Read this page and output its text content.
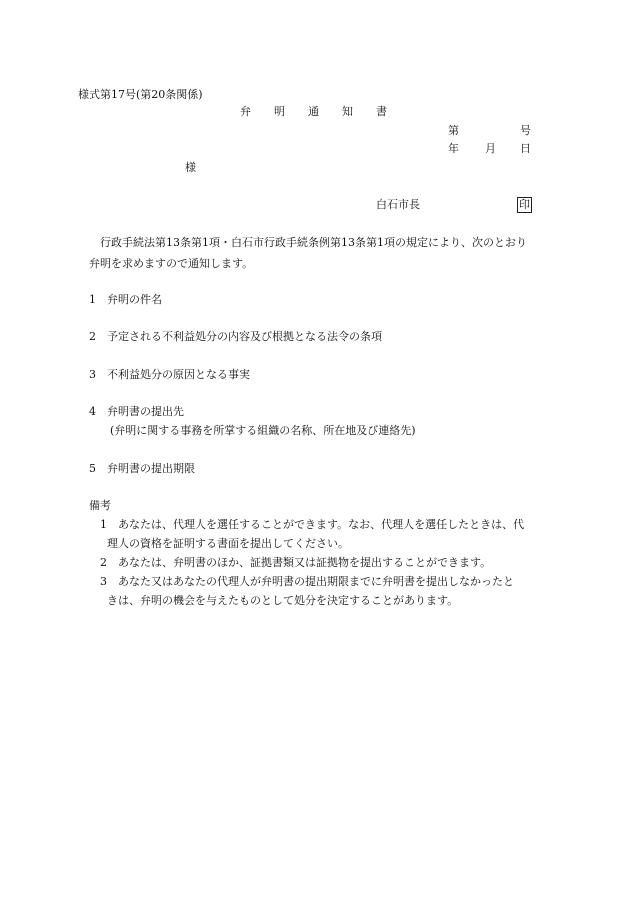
様式第17号(第20条関係)
弁 明 通 知 書
第	号
年 月 日
様
白石市長	印
行政手続法第13条第1項・白石市行政手続条例第13条第1項の規定により、次のとおり
弁明を求めますので通知します。
1 弁明の件名
2 予定される不利益処分の内容及び根拠となる法令の条項
3 不利益処分の原因となる事実
4 弁明書の提出先
(弁明に関する事務を所掌する組織の名称、所在地及び連絡先)
5 弁明書の提出期限
備考
1 あなたは、代理人を選任することができます。なお、代理人を選任したときは、代
理人の資格を証明する書面を提出してください。
2 あなたは、弁明書のほか、証拠書類又は証拠物を提出することができます。
3 あなた又はあなたの代理人が弁明書の提出期限までに弁明書を提出しなかったと
きは、弁明の機会を与えたものとして処分を決定することがあります。
